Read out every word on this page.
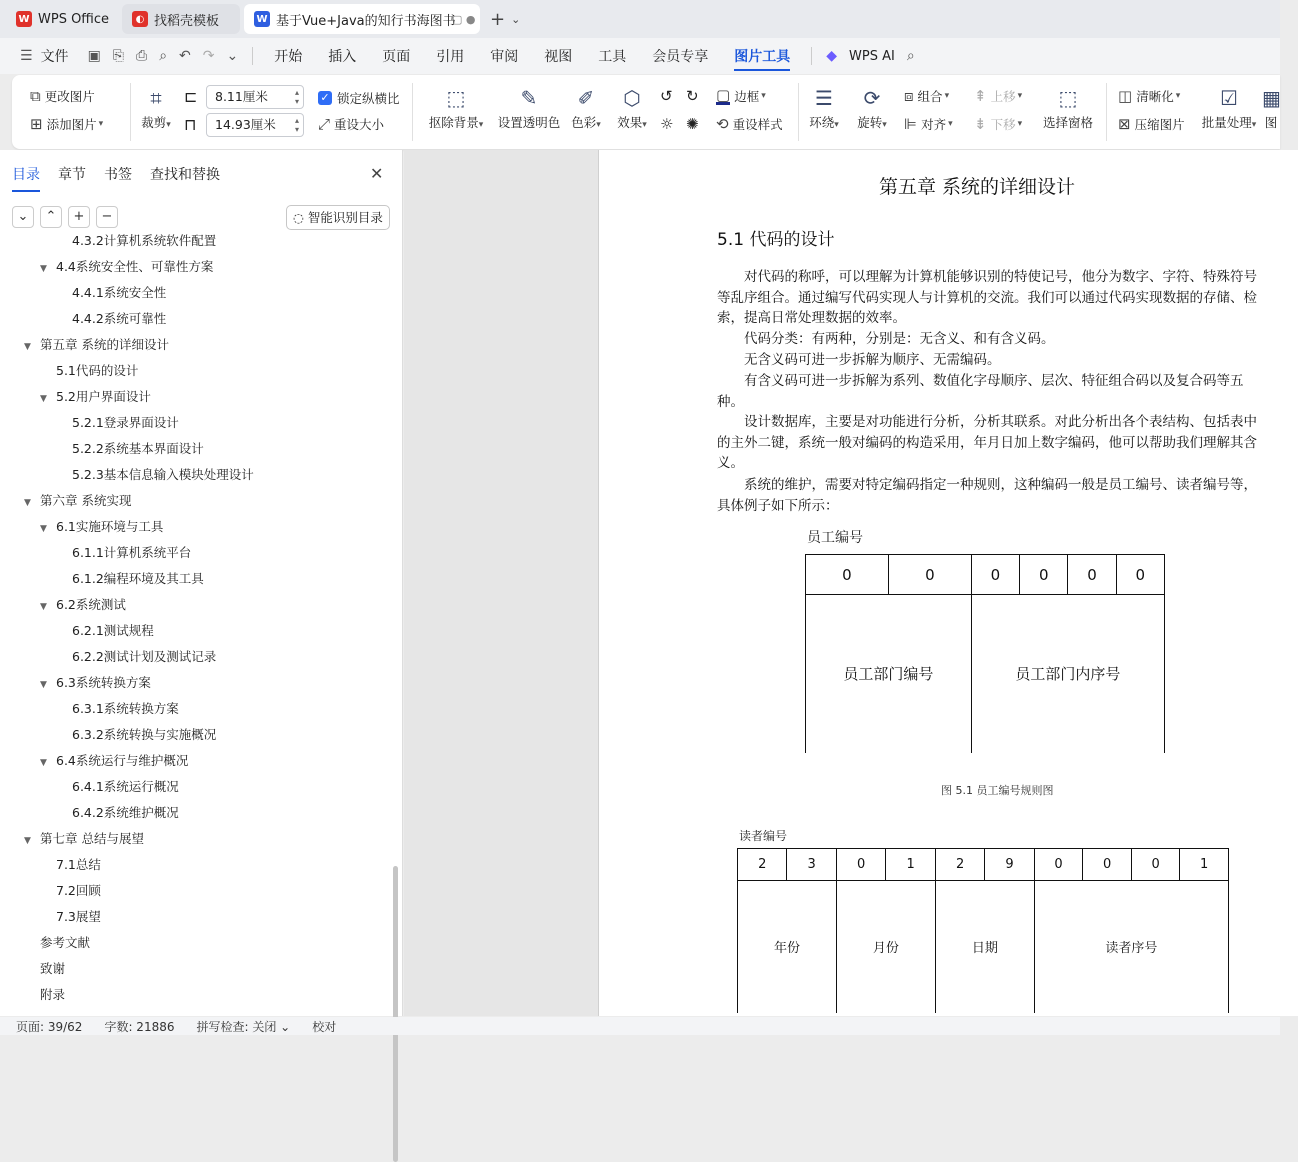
W WPS Office	◐ 找稻壳模板	W 基于Vue+Java的知行书海图书
▢ ● + ⌄
☰ 文件	▣ ⎘ ⎙ ⌕ ↶ ↷ ⌄	开始	插入	页面	引用	审阅	视图	工具	会员专享	图片工具	◆ WPS AI ⌕
⧉ 更改图片
⊞ 添加图片 ▾
⌗
裁剪▾
⊏	8.11厘米	▴
▾
⊓	14.93厘米 ▴
▾
✓ 锁定纵横比
⤢ 重设大小
⬚
抠除背景▾
✎
设置透明色
✐
色彩▾
⬡
效果▾
↺ ↻
☼ ✺
▢ 边框 ▾
⟲ 重设样式
☰
环绕▾
⟳
旋转▾
⧈ 组合 ▾
⊫ 对齐 ▾
⇞ 上移 ▾
⇟ 下移 ▾
⬚
选择窗格
◫ 清晰化 ▾
⊠ 压缩图片
☑
批量处理▾
▦
图
目录 章节 书签 查找和替换	✕
⌄	⌃	+	−	◌ 智能识别目录
4.3.2计算机系统软件配置
▼ 4.4系统安全性、可靠性方案
4.4.1系统安全性
4.4.2系统可靠性
▼ 第五章 系统的详细设计
5.1代码的设计
▼ 5.2用户界面设计
5.2.1登录界面设计
5.2.2系统基本界面设计
5.2.3基本信息输入模块处理设计
▼ 第六章 系统实现
▼ 6.1实施环境与工具
6.1.1计算机系统平台
6.1.2编程环境及其工具
▼ 6.2系统测试
6.2.1测试规程
6.2.2测试计划及测试记录
▼ 6.3系统转换方案
6.3.1系统转换方案
6.3.2系统转换与实施概况
▼ 6.4系统运行与维护概况
6.4.1系统运行概况
6.4.2系统维护概况
▼ 第七章 总结与展望
7.1总结
7.2回顾
7.3展望
参考文献
致谢
附录
第五章 系统的详细设计
5.1 代码的设计
对代码的称呼，可以理解为计算机能够识别的特使记号，他分为数字、字符、特殊符号等乱序组合。通过编写代码实现人与计算机的交流。我们可以通过代码实现数据的存储、检索，提高日常处理数据的效率。
代码分类：有两种，分别是：无含义、和有含义码。
无含义码可进一步拆解为顺序、无需编码。
有含义码可进一步拆解为系列、数值化字母顺序、层次、特征组合码以及复合码等五种。
设计数据库，主要是对功能进行分析，分析其联系。对此分析出各个表结构、包括表中的主外二键，系统一般对编码的构造采用，年月日加上数字编码，他可以帮助我们理解其含义。
系统的维护，需要对特定编码指定一种规则，这种编码一般是员工编号、读者编号等，具体例子如下所示：
员工编号
0	0	0	0	0	0
员工部门编号		员工部门内序号			
图 5.1 员工编号规则图
读者编号
2	3	0	1	2	9	0	0	0	1
年份		月份		日期		读者序号			
页面: 39/62 字数: 21886 拼写检查: 关闭 ⌄ 校对
